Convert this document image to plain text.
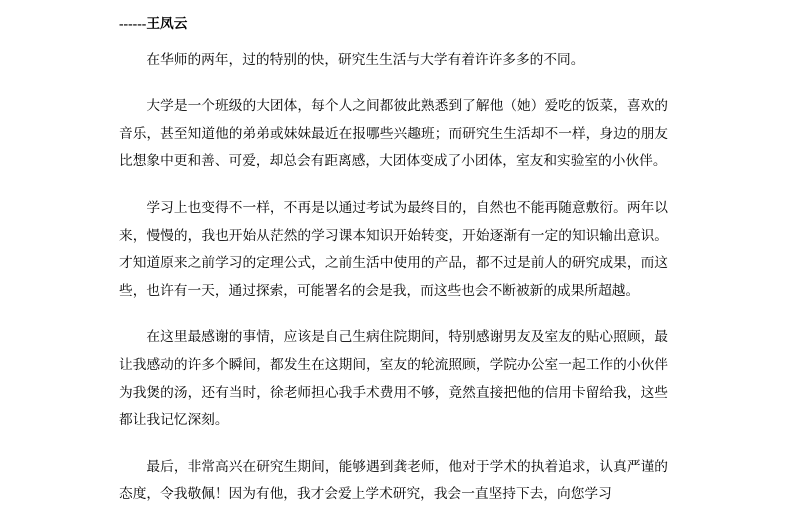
------王凤云

在华师的两年，过的特别的快，研究生生活与大学有着许许多多的不同。

大学是一个班级的大团体，每个人之间都彼此熟悉到了解他（她）爱吃的饭菜，喜欢的音乐，甚至知道他的弟弟或妹妹最近在报哪些兴趣班；而研究生生活却不一样，身边的朋友比想象中更和善、可爱，却总会有距离感，大团体变成了小团体，室友和实验室的小伙伴。

学习上也变得不一样，不再是以通过考试为最终目的，自然也不能再随意敷衍。两年以来，慢慢的，我也开始从茫然的学习课本知识开始转变，开始逐渐有一定的知识输出意识。才知道原来之前学习的定理公式，之前生活中使用的产品，都不过是前人的研究成果，而这些，也许有一天，通过探索，可能署名的会是我，而这些也会不断被新的成果所超越。

在这里最感谢的事情，应该是自己生病住院期间，特别感谢男友及室友的贴心照顾，最让我感动的许多个瞬间，都发生在这期间，室友的轮流照顾，学院办公室一起工作的小伙伴为我煲的汤，还有当时，徐老师担心我手术费用不够，竟然直接把他的信用卡留给我，这些都让我记忆深刻。

最后，非常高兴在研究生期间，能够遇到龚老师，他对于学术的执着追求，认真严谨的态度，令我敬佩！因为有他，我才会爱上学术研究，我会一直坚持下去，向您学习
